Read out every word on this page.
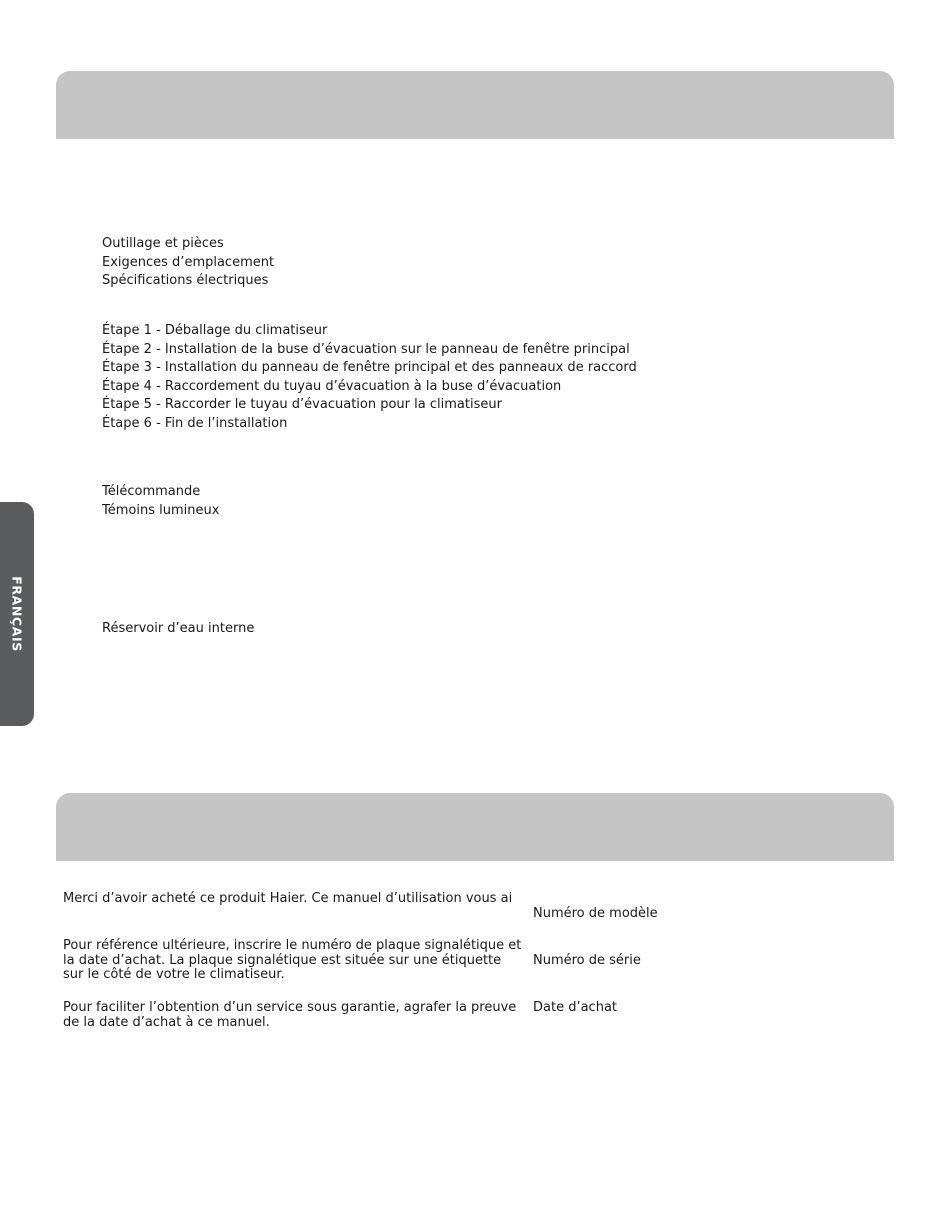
Outillage et pièces
Exigences d’emplacement
Spécifications électriques
Étape 1 - Déballage du climatiseur
Étape 2 - Installation de la buse d’évacuation sur le panneau de fenêtre principal
Étape 3 - Installation du panneau de fenêtre principal et des panneaux de raccord
Étape 4 - Raccordement du tuyau d’évacuation à la buse d’évacuation
Étape 5 - Raccorder le tuyau d’évacuation pour la climatiseur
Étape 6 - Fin de l’installation
Télécommande
Témoins lumineux
Réservoir d’eau interne
FRANÇAIS

Merci d’avoir acheté ce produit Haier. Ce manuel d’utilisation vous ai

Pour référence ultérieure, inscrire le numéro de plaque signalétique et la date d’achat. La plaque signalétique est située sur une étiquette sur le côté de votre le climatiseur.

Pour faciliter l’obtention d’un service sous garantie, agrafer la preuve de la date d’achat à ce manuel.

Numéro de modèle
Numéro de série
Date d’achat
